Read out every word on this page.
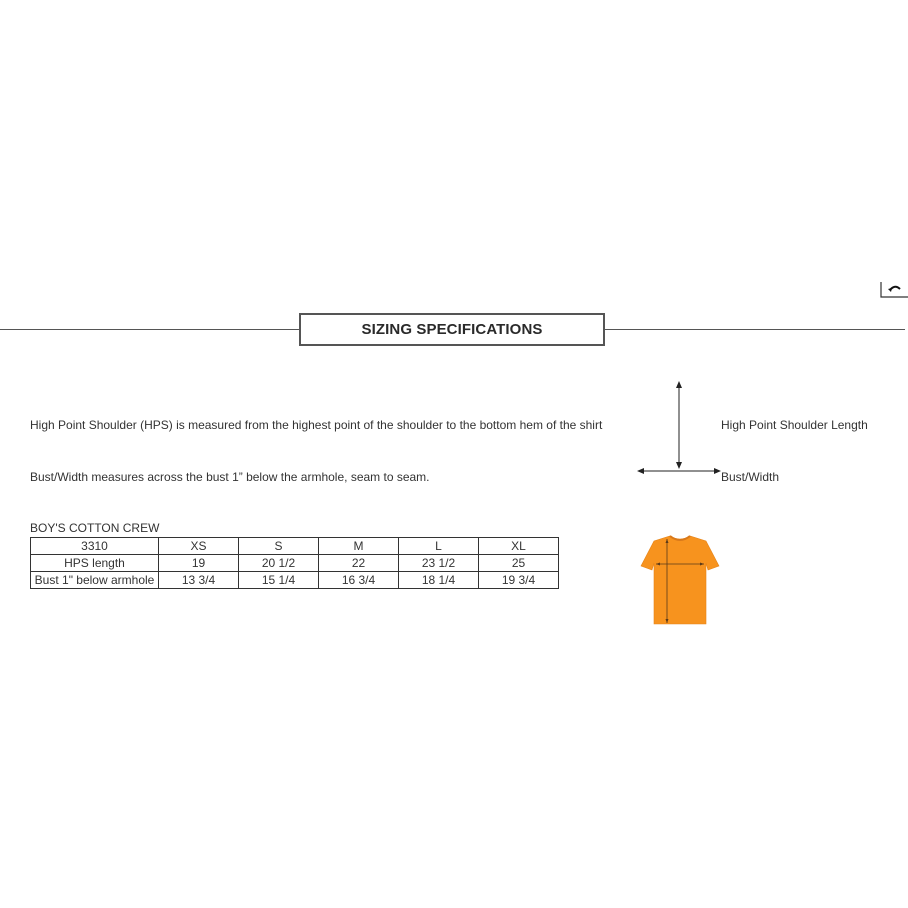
SIZING SPECIFICATIONS
High Point Shoulder (HPS) is measured from the highest point of the shoulder to the bottom hem of the shirt
Bust/Width measures across the bust 1” below the armhole, seam to seam.
High Point Shoulder Length
Bust/Width
BOY'S COTTON CREW
3310	XS	S	M	L	XL
HPS length	19	20 1/2	22	23 1/2	25
Bust 1" below armhole	13 3/4	15 1/4	16 3/4	18 1/4	19 3/4
